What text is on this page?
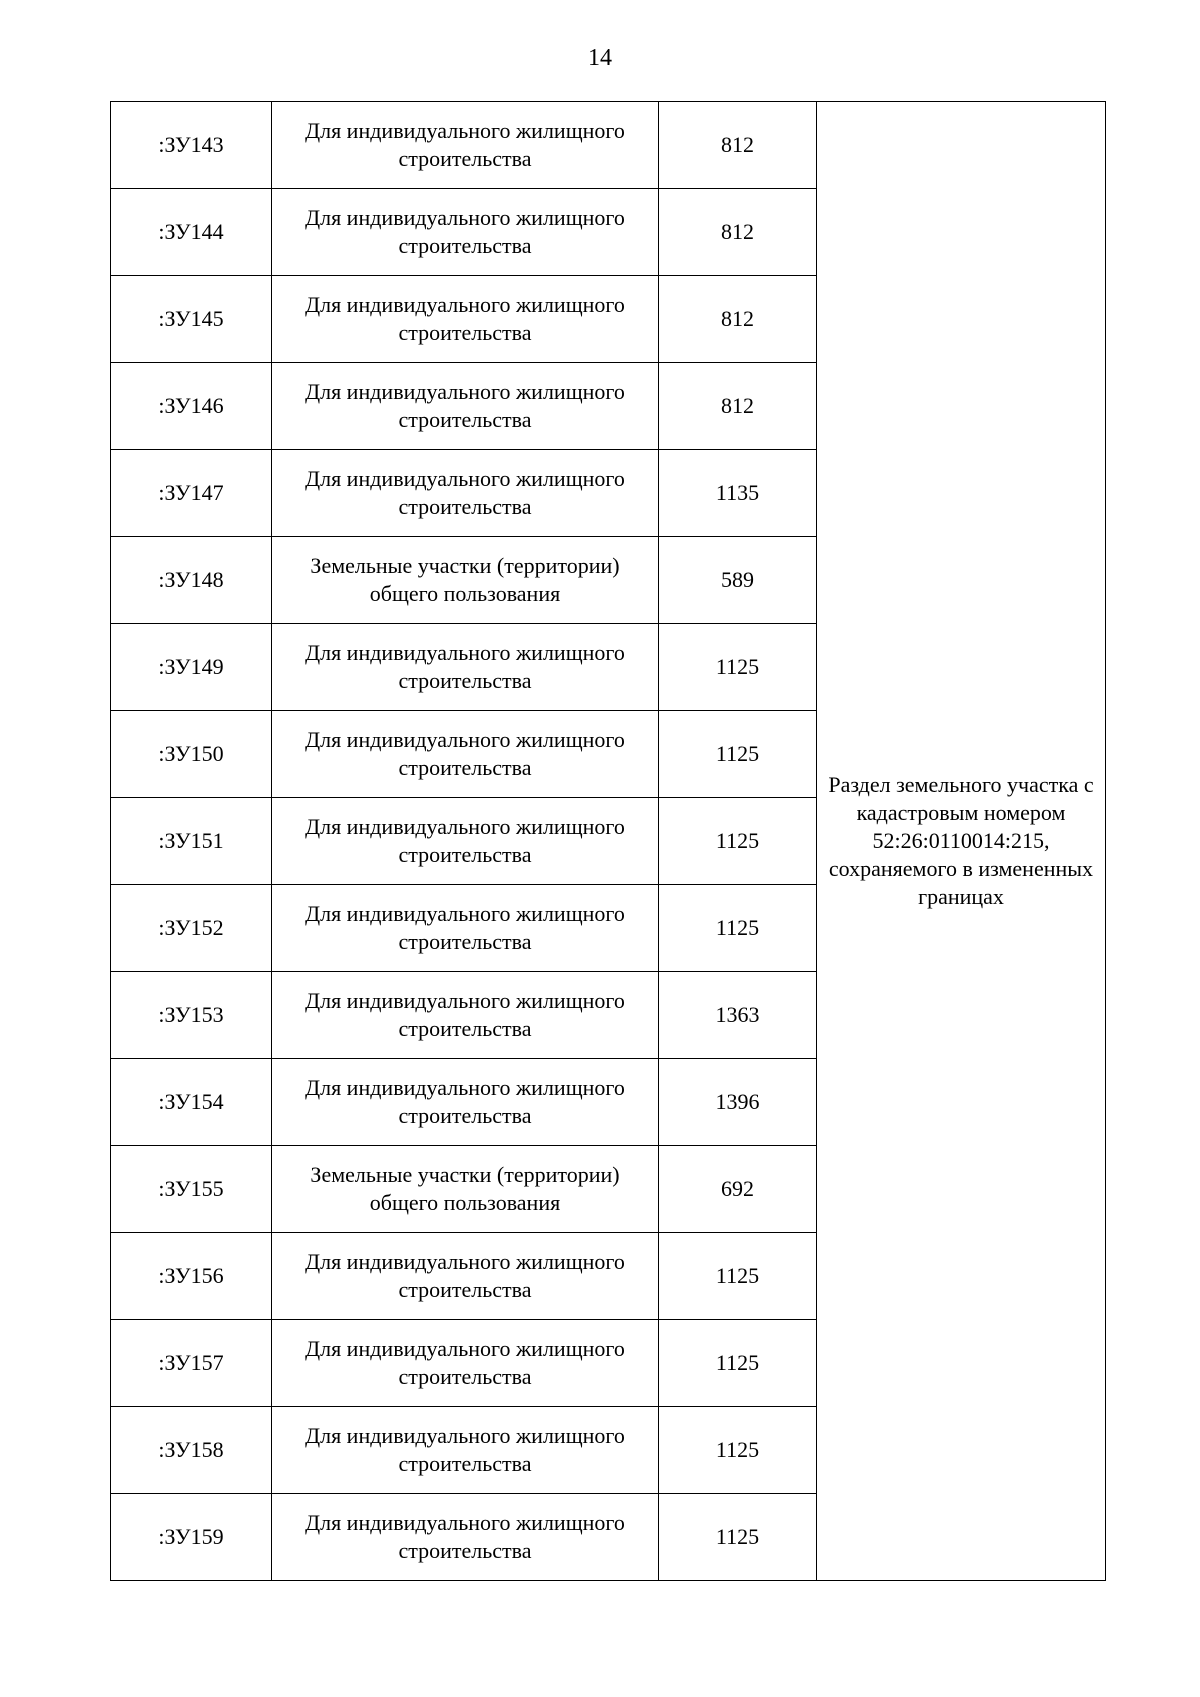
14
:ЗУ143	Для индивидуального жилищного строительства	812	Раздел земельного участка с кадастровым номером 52:26:0110014:215, сохраняемого в измененных границах
:ЗУ144	Для индивидуального жилищного строительства	812	
:ЗУ145	Для индивидуального жилищного строительства	812	
:ЗУ146	Для индивидуального жилищного строительства	812	
:ЗУ147	Для индивидуального жилищного строительства	1135	
:ЗУ148	Земельные участки (территории) общего пользования	589	
:ЗУ149	Для индивидуального жилищного строительства	1125	
:ЗУ150	Для индивидуального жилищного строительства	1125	
:ЗУ151	Для индивидуального жилищного строительства	1125	
:ЗУ152	Для индивидуального жилищного строительства	1125	
:ЗУ153	Для индивидуального жилищного строительства	1363	
:ЗУ154	Для индивидуального жилищного строительства	1396	
:ЗУ155	Земельные участки (территории) общего пользования	692	
:ЗУ156	Для индивидуального жилищного строительства	1125	
:ЗУ157	Для индивидуального жилищного строительства	1125	
:ЗУ158	Для индивидуального жилищного строительства	1125	
:ЗУ159	Для индивидуального жилищного строительства	1125	
